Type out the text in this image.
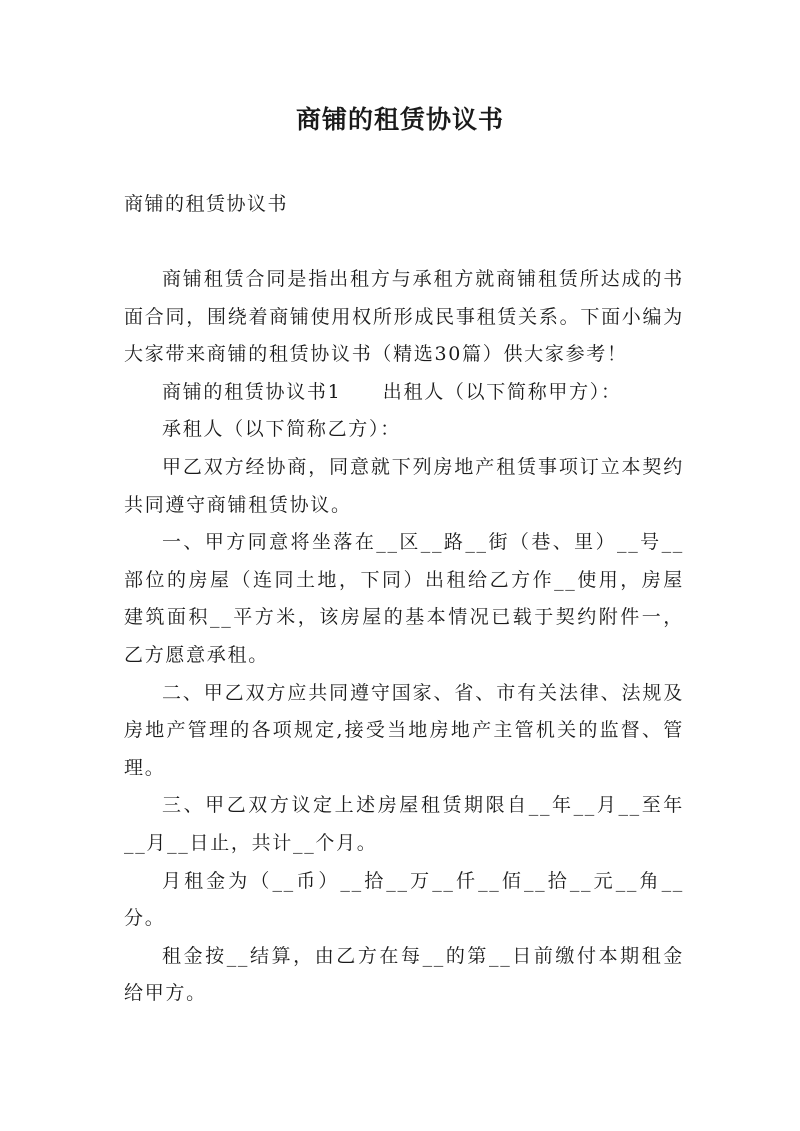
商铺的租赁协议书

商铺的租赁协议书

商铺租赁合同是指出租方与承租方就商铺租赁所达成的书面合同，围绕着商铺使用权所形成民事租赁关系。下面小编为大家带来商铺的租赁协议书（精选30篇）供大家参考！

商铺的租赁协议书1　　出租人（以下简称甲方）：

承租人（以下简称乙方）：

甲乙双方经协商，同意就下列房地产租赁事项订立本契约共同遵守商铺租赁协议。

一、甲方同意将坐落在__区__路__街（巷、里）__号__部位的房屋（连同土地，下同）出租给乙方作__使用，房屋建筑面积__平方米，该房屋的基本情况已载于契约附件一，乙方愿意承租。

二、甲乙双方应共同遵守国家、省、市有关法律、法规及房地产管理的各项规定,接受当地房地产主管机关的监督、管理。

三、甲乙双方议定上述房屋租赁期限自__年__月__至年__月__日止，共计__个月。

月租金为（__币）__拾__万__仟__佰__拾__元__角__分。

租金按__结算，由乙方在每__的第__日前缴付本期租金给甲方。
